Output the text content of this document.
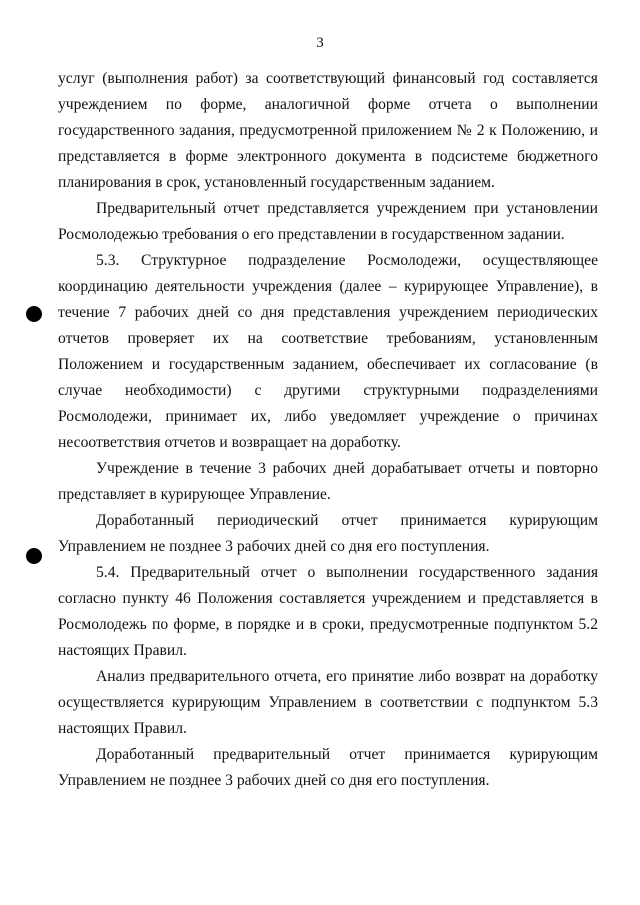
3

услуг (выполнения работ) за соответствующий финансовый год составляется учреждением по форме, аналогичной форме отчета о выполнении государственного задания, предусмотренной приложением № 2 к Положению, и представляется в форме электронного документа в подсистеме бюджетного планирования в срок, установленный государственным заданием.

Предварительный отчет представляется учреждением при установлении Росмолодежью требования о его представлении в государственном задании.

5.3. Структурное подразделение Росмолодежи, осуществляющее координацию деятельности учреждения (далее – курирующее Управление), в течение 7 рабочих дней со дня представления учреждением периодических отчетов проверяет их на соответствие требованиям, установленным Положением и государственным заданием, обеспечивает их согласование (в случае необходимости) с другими структурными подразделениями Росмолодежи, принимает их, либо уведомляет учреждение о причинах несоответствия отчетов и возвращает на доработку.

Учреждение в течение 3 рабочих дней дорабатывает отчеты и повторно представляет в курирующее Управление.

Доработанный периодический отчет принимается курирующим Управлением не позднее 3 рабочих дней со дня его поступления.

5.4. Предварительный отчет о выполнении государственного задания согласно пункту 46 Положения составляется учреждением и представляется в Росмолодежь по форме, в порядке и в сроки, предусмотренные подпунктом 5.2 настоящих Правил.

Анализ предварительного отчета, его принятие либо возврат на доработку осуществляется курирующим Управлением в соответствии с подпунктом 5.3 настоящих Правил.

Доработанный предварительный отчет принимается курирующим Управлением не позднее 3 рабочих дней со дня его поступления.
